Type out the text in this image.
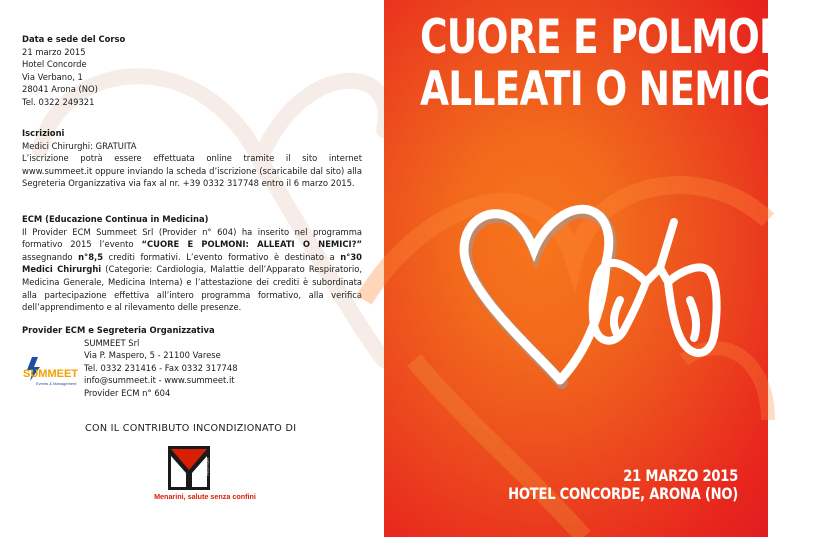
Data e sede del Corso

21 marzo 2015

Hotel Concorde

Via Verbano, 1

28041 Arona (NO)

Tel. 0322 249321

Iscrizioni

Medici Chirurghi: GRATUITA

L’iscrizione potrà essere effettuata online tramite il sito internet www.summeet.it oppure inviando la scheda d’iscrizione (scaricabile dal sito) alla Segreteria Organizzativa via fax al nr. +39 0332 317748 entro il 6 marzo 2015.

ECM (Educazione Continua in Medicina)

Il Provider ECM Summeet Srl (Provider n° 604) ha inserito nel programma formativo 2015 l’evento “CUORE E POLMONI: ALLEATI O NEMICI?” assegnando n°8,5 crediti formativi. L’evento formativo è destinato a n°30 Medici Chirurghi (Categorie: Cardiologia, Malattie dell’Apparato Respiratorio, Medicina Generale, Medicina Interna) e l’attestazione dei crediti è subordinata alla partecipazione effettiva all’intero programma formativo, alla verifica dell’apprendimento e al rilevamento delle presenze.

Provider ECM e Segreteria Organizzativa
SUMMEET
Events & Management

SUMMEET Srl

Via P. Maspero, 5 - 21100 Varese

Tel. 0332 231416 - Fax 0332 317748

info@summeet.it - www.summeet.it

Provider ECM n° 604

CON IL CONTRIBUTO INCONDIZIONATO DI
MENARINI
Menarini, salute senza confini
CUORE E POLMONI:
ALLEATI O NEMICI?
21 MARZO 2015
HOTEL CONCORDE, ARONA (NO)
